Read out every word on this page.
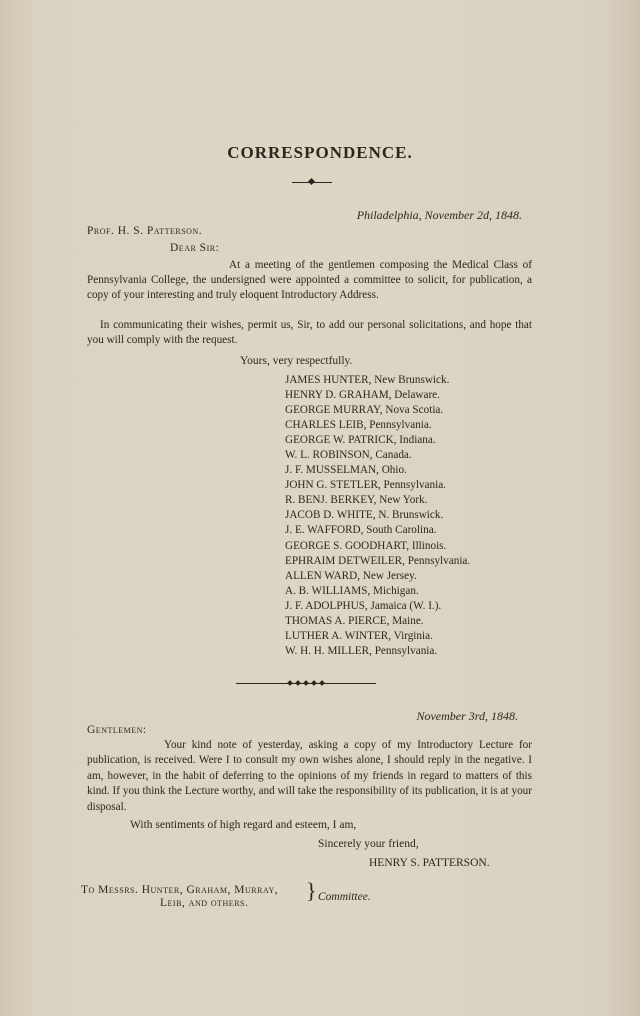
CORRESPONDENCE.
Philadelphia, November 2d, 1848.
Prof. H. S. Patterson.
Dear Sir:
At a meeting of the gentlemen composing the Medical Class of Pennsylvania College, the undersigned were appointed a committee to solicit, for publication, a copy of your interesting and truly eloquent Introductory Address.
In communicating their wishes, permit us, Sir, to add our personal solicitations, and hope that you will comply with the request.
Yours, very respectfully.
JAMES HUNTER, New Brunswick.
HENRY D. GRAHAM, Delaware.
GEORGE MURRAY, Nova Scotia.
CHARLES LEIB, Pennsylvania.
GEORGE W. PATRICK, Indiana.
W. L. ROBINSON, Canada.
J. F. MUSSELMAN, Ohio.
JOHN G. STETLER, Pennsylvania.
R. BENJ. BERKEY, New York.
JACOB D. WHITE, N. Brunswick.
J. E. WAFFORD, South Carolina.
GEORGE S. GOODHART, Illinois.
EPHRAIM DETWEILER, Pennsylvania.
ALLEN WARD, New Jersey.
A. B. WILLIAMS, Michigan.
J. F. ADOLPHUS, Jamaica (W. I.).
THOMAS A. PIERCE, Maine.
LUTHER A. WINTER, Virginia.
W. H. H. MILLER, Pennsylvania.
November 3rd, 1848.
Gentlemen:
Your kind note of yesterday, asking a copy of my Introductory Lecture for publication, is received. Were I to consult my own wishes alone, I should reply in the negative. I am, however, in the habit of deferring to the opinions of my friends in regard to matters of this kind. If you think the Lecture worthy, and will take the responsibility of its publication, it is at your disposal.
With sentiments of high regard and esteem, I am,
Sincerely your friend,
HENRY S. PATTERSON.
To Messrs. Hunter, Graham, Murray,
Leib, and others.	} Committee.
